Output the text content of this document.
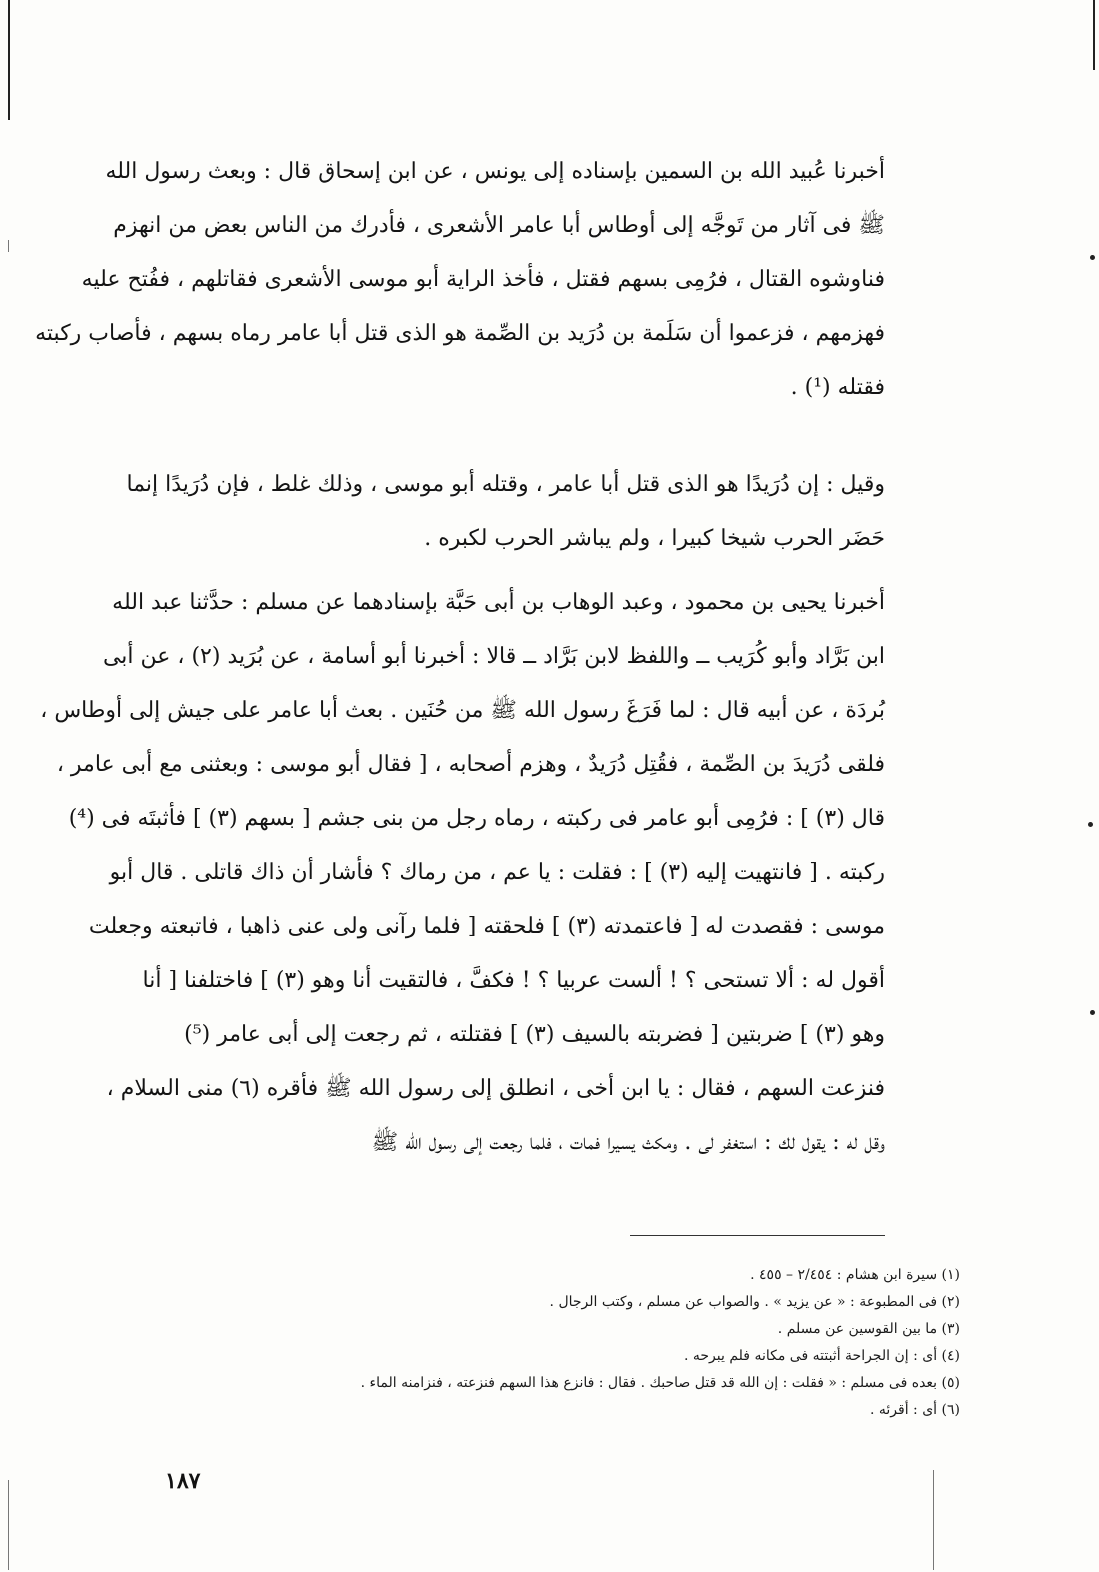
أخبرنا عُبيد الله بن السمين بإسناده إلى يونس ، عن ابن إسحاق قال : وبعث رسول الله
ﷺ فى آثار من تَوجَّه إلى أوطاس أبا عامر الأشعرى ، فأدرك من الناس بعض من انهزم
فناوشوه القتال ، فرُمِى بسهم فقتل ، فأخذ الراية أبو موسى الأشعرى فقاتلهم ، ففُتح عليه
فهزمهم ، فزعموا أن سَلَمة بن دُرَيد بن الصِّمة هو الذى قتل أبا عامر رماه بسهم ، فأصاب ركبته
فقتله (¹) .
وقيل : إن دُرَيدًا هو الذى قتل أبا عامر ، وقتله أبو موسى ، وذلك غلط ، فإن دُرَيدًا إنما
حَضَر الحرب شيخا كبيرا ، ولم يباشر الحرب لكبره .
أخبرنا يحيى بن محمود ، وعبد الوهاب بن أبى حَبَّة بإسنادهما عن مسلم : حدَّثنا عبد الله
ابن بَرَّاد وأبو كُرَيب ــ واللفظ لابن بَرَّاد ــ قالا : أخبرنا أبو أسامة ، عن بُرَيد (٢) ، عن أبى
بُردَة ، عن أبيه قال : لما فَرَغَ رسول الله ﷺ من حُنَين . بعث أبا عامر على جيش إلى أوطاس ،
فلقى دُرَيدَ بن الصِّمة ، فقُتِل دُرَيدٌ ، وهزم أصحابه ، [ فقال أبو موسى : وبعثنى مع أبى عامر ،
قال (٣) ] : فرُمِى أبو عامر فى ركبته ، رماه رجل من بنى جشم [ بسهم (٣) ] فأثبتَه فى (⁴)
ركبته . [ فانتهيت إليه (٣) ] : فقلت : يا عم ، من رماك ؟ فأشار أن ذاك قاتلى . قال أبو
موسى : فقصدت له [ فاعتمدته (٣) ] فلحقته [ فلما رآنى ولى عنى ذاهبا ، فاتبعته وجعلت
أقول له : ألا تستحى ؟ ! ألست عربيا ؟ ! فكفَّ ، فالتقيت أنا وهو (٣) ] فاختلفنا [ أنا
وهو (٣) ] ضربتين [ فضربته بالسيف (٣) ] فقتلته ، ثم رجعت إلى أبى عامر (⁵)
فنزعت السهم ، فقال : يا ابن أخى ، انطلق إلى رسول الله ﷺ فأقره (٦) منى السلام ،
وقل له : يقول لك : استغفر لى . ومكث يسيرا فمات ، فلما رجعت إلى رسول الله ﷺ
(١) سيرة ابن هشام : ٢/٤٥٤ – ٤٥٥ .
(٢) فى المطبوعة : « عن يزيد » . والصواب عن مسلم ، وكتب الرجال .
(٣) ما بين القوسين عن مسلم .
(٤) أى : إن الجراحة أثبتته فى مكانه فلم يبرحه .
(٥) بعده فى مسلم : « فقلت : إن الله قد قتل صاحبك . فقال : فانزع هذا السهم فنزعته ، فنزامنه الماء .
(٦) أى : أقرئه .
١٨٧
